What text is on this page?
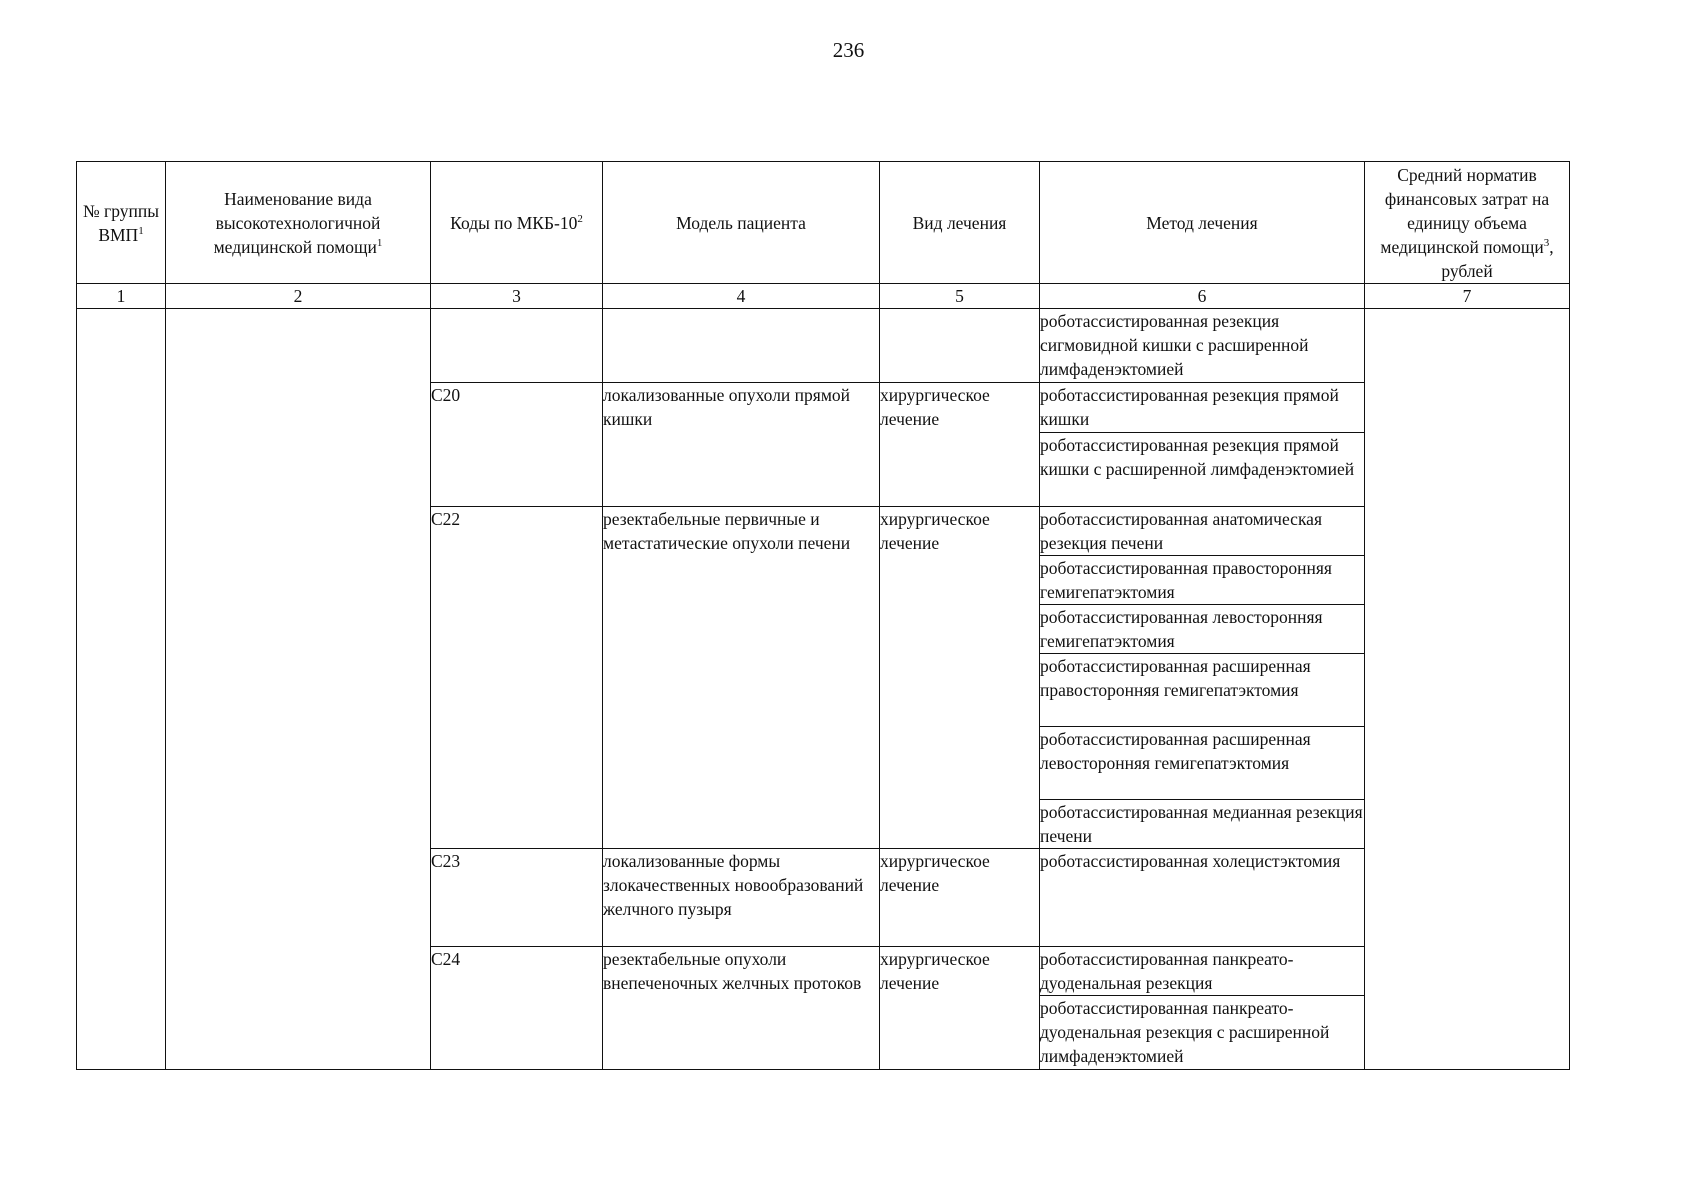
236
№ группы ВМП$^1$	Наименование вида высокотехнологичной медицинской помощи$^1$	Коды по МКБ-$10^2$	Модель пациента	Вид лечения	Метод лечения	Средний норматив финансовых затрат на единицу объема медицинской помощи$^3$, рублей
1	2	3	4	5	6	7
					роботассистированная резекция сигмовидной кишки с расширенной лимфаденэктомией	
		C20	локализованные опухоли прямой кишки	хирургическое лечение	роботассистированная резекция прямой кишки	
					роботассистированная резекция прямой кишки с расширенной лимфаденэктомией	
		C22	резектабельные первичные и метастатические опухоли печени	хирургическое лечение	роботассистированная анатомическая резекция печени	
					роботассистированная правосторонняя гемигепатэктомия	
					роботассистированная левосторонняя гемигепатэктомия	
					роботассистированная расширенная правосторонняя гемигепатэктомия	
					роботассистированная расширенная левосторонняя гемигепатэктомия	
					роботассистированная медианная резекция печени	
		C23	локализованные формы злокачественных новообразований желчного пузыря	хирургическое лечение	роботассистированная холецистэктомия	
		C24	резектабельные опухоли внепеченочных желчных протоков	хирургическое лечение	роботассистированная панкреато-дуоденальная резекция	
					роботассистированная панкреато-дуоденальная резекция с расширенной лимфаденэктомией	
